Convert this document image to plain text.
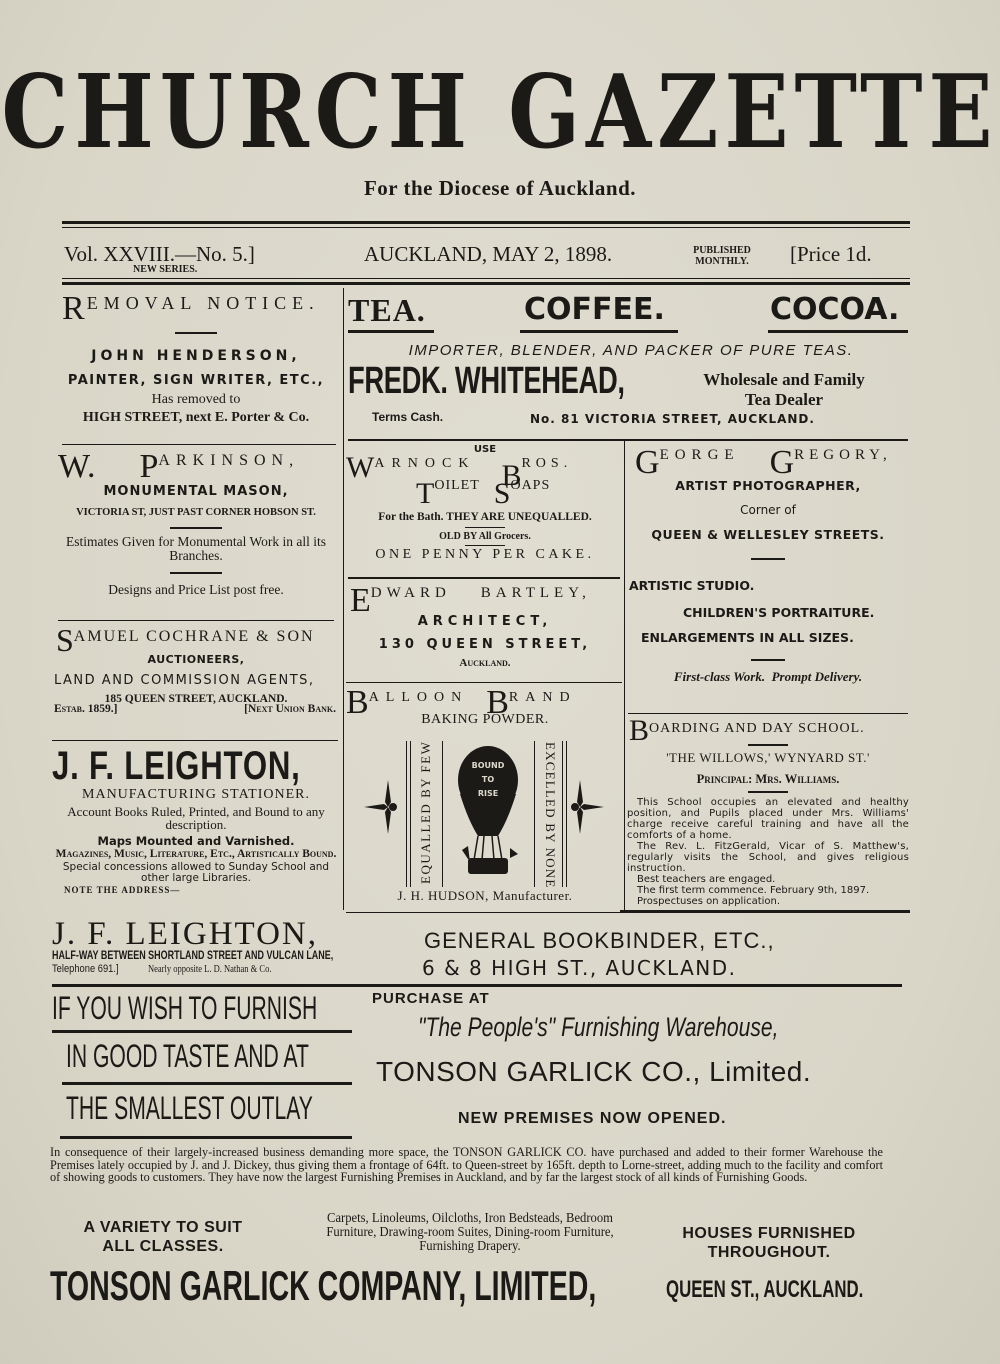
CHURCH GAZETTE
For the Diocese of Auckland.
Vol. XXVIII.—No. 5.]
NEW SERIES.
AUCKLAND, MAY 2, 1898.	PUBLISHED
MONTHLY.	[Price 1d.
REMOVAL NOTICE.
JOHN HENDERSON,
PAINTER, SIGN WRITER, ETC.,
Has removed to
HIGH STREET, next E. Porter & Co.
TEA.	COFFEE.	COCOA.
IMPORTER, BLENDER, AND PACKER OF PURE TEAS.
FREDK. WHITEHEAD,	Wholesale and Family
Tea Dealer
Terms Cash.	No. 81 VICTORIA STREET, AUCKLAND.
W. PARKINSON,
MONUMENTAL MASON,
VICTORIA ST, JUST PAST CORNER HOBSON ST.
Estimates Given for Monumental Work in all its Branches.
Designs and Price List post free.
USE
WARNOCK BROS.
TOILET SOAPS
For the Bath. THEY ARE UNEQUALLED.
OLD BY All Grocers.
ONE PENNY PER CAKE.
GEORGE GREGORY,
ARTIST PHOTOGRAPHER,
Corner of
QUEEN & WELLESLEY STREETS.
ARTISTIC STUDIO.
CHILDREN'S PORTRAITURE.
ENLARGEMENTS IN ALL SIZES.
First-class Work.  Prompt Delivery.
SAMUEL COCHRANE & SON
AUCTIONEERS,
LAND AND COMMISSION AGENTS,
185 QUEEN STREET, AUCKLAND.
Estab. 1859.]	[Next Union Bank.
EDWARD BARTLEY,
ARCHITECT,
130 QUEEN STREET,
Auckland.
BALLOON BRAND
BAKING POWDER.
EQUALLED BY FEW	EXCELLED BY NONE
BOUND
TO
RISE
J. H. HUDSON, Manufacturer.
BOARDING AND DAY SCHOOL.
'THE WILLOWS,' WYNYARD ST.'
Principal: Mrs. Williams.
This School occupies an elevated and healthy position, and Pupils placed under Mrs. Williams' charge receive careful training and have all the comforts of a home.
The Rev. L. FitzGerald, Vicar of S. Matthew's, regularly visits the School, and gives religious instruction.
Best teachers are engaged.
The first term commence. February 9th, 1897.
Prospectuses on application.
J. F. LEIGHTON,
MANUFACTURING STATIONER.
Account Books Ruled, Printed, and Bound to any description.
Maps Mounted and Varnished.
Magazines, Music, Literature, Etc., Artistically Bound.
Special concessions allowed to Sunday School and other large Libraries.
NOTE THE ADDRESS—
J. F. LEIGHTON,	GENERAL BOOKBINDER, ETC.,
HALF-WAY BETWEEN SHORTLAND STREET AND VULCAN LANE,
Telephone 691.]	Nearly opposite L. D. Nathan & Co.	6 & 8 HIGH ST., AUCKLAND.
IF YOU WISH TO FURNISH
IN GOOD TASTE AND AT
THE SMALLEST OUTLAY
PURCHASE AT
"The People's" Furnishing Warehouse,
TONSON GARLICK CO., Limited.
NEW PREMISES NOW OPENED.
In consequence of their largely-increased business demanding more space, the TONSON GARLICK CO. have purchased and added to their former Warehouse the Premises lately occupied by J. and J. Dickey, thus giving them a frontage of 64ft. to Queen-street by 165ft. depth to Lorne-street, adding much to the facility and comfort of showing goods to customers. They have now the largest Furnishing Premises in Auckland, and by far the largest stock of all kinds of Furnishing Goods.
A VARIETY TO SUIT
ALL CLASSES.
Carpets, Linoleums, Oilcloths, Iron Bedsteads, Bedroom Furniture, Drawing-room Suites, Dining-room Furniture, Furnishing Drapery.
HOUSES FURNISHED
THROUGHOUT.
TONSON GARLICK COMPANY, LIMITED,	QUEEN ST., AUCKLAND.
